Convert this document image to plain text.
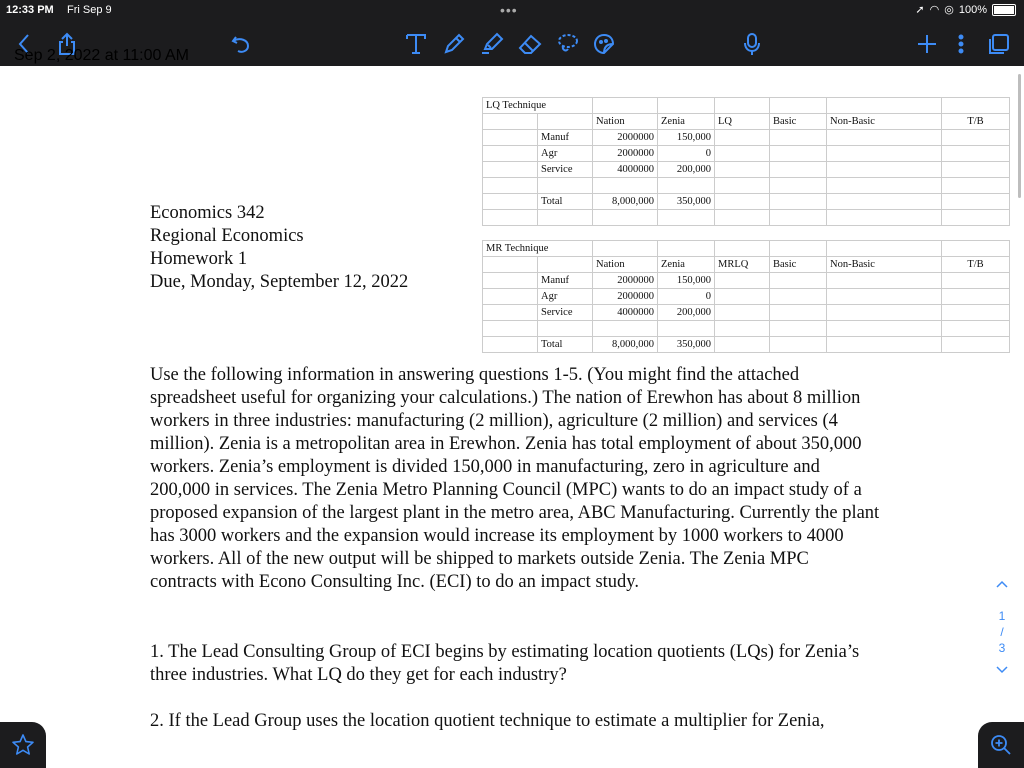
12:33 PM Fri Sep 9	•••	➚ ◠ ◎ 100%
Sep 2, 2022 at 11:00 AM
Economics 342
Regional Economics
Homework 1
Due, Monday, September 12, 2022
LQ Technique							
		Nation	Zenia	LQ	Basic	Non-Basic	T/B
	Manuf	2000000	150,000				
	Agr	2000000	0				
	Service	4000000	200,000				

	Total	8,000,000	350,000				

MR Technique							
		Nation	Zenia	MRLQ	Basic	Non-Basic	T/B
	Manuf	2000000	150,000				
	Agr	2000000	0				
	Service	4000000	200,000				

	Total	8,000,000	350,000				
Use the following information in answering questions 1-5. (You might find the attached spreadsheet useful for organizing your calculations.) The nation of Erewhon has about 8 million workers in three industries: manufacturing (2 million), agriculture (2 million) and services (4 million). Zenia is a metropolitan area in Erewhon. Zenia has total employment of about 350,000 workers. Zenia’s employment is divided 150,000 in manufacturing, zero in agriculture and 200,000 in services. The Zenia Metro Planning Council (MPC) wants to do an impact study of a proposed expansion of the largest plant in the metro area, ABC Manufacturing. Currently the plant has 3000 workers and the expansion would increase its employment by 1000 workers to 4000 workers. All of the new output will be shipped to markets outside Zenia. The Zenia MPC contracts with Econo Consulting Inc. (ECI) to do an impact study.
1. The Lead Consulting Group of ECI begins by estimating location quotients (LQs) for Zenia’s three industries. What LQ do they get for each industry?
2. If the Lead Group uses the location quotient technique to estimate a multiplier for Zenia,
1
/
3
